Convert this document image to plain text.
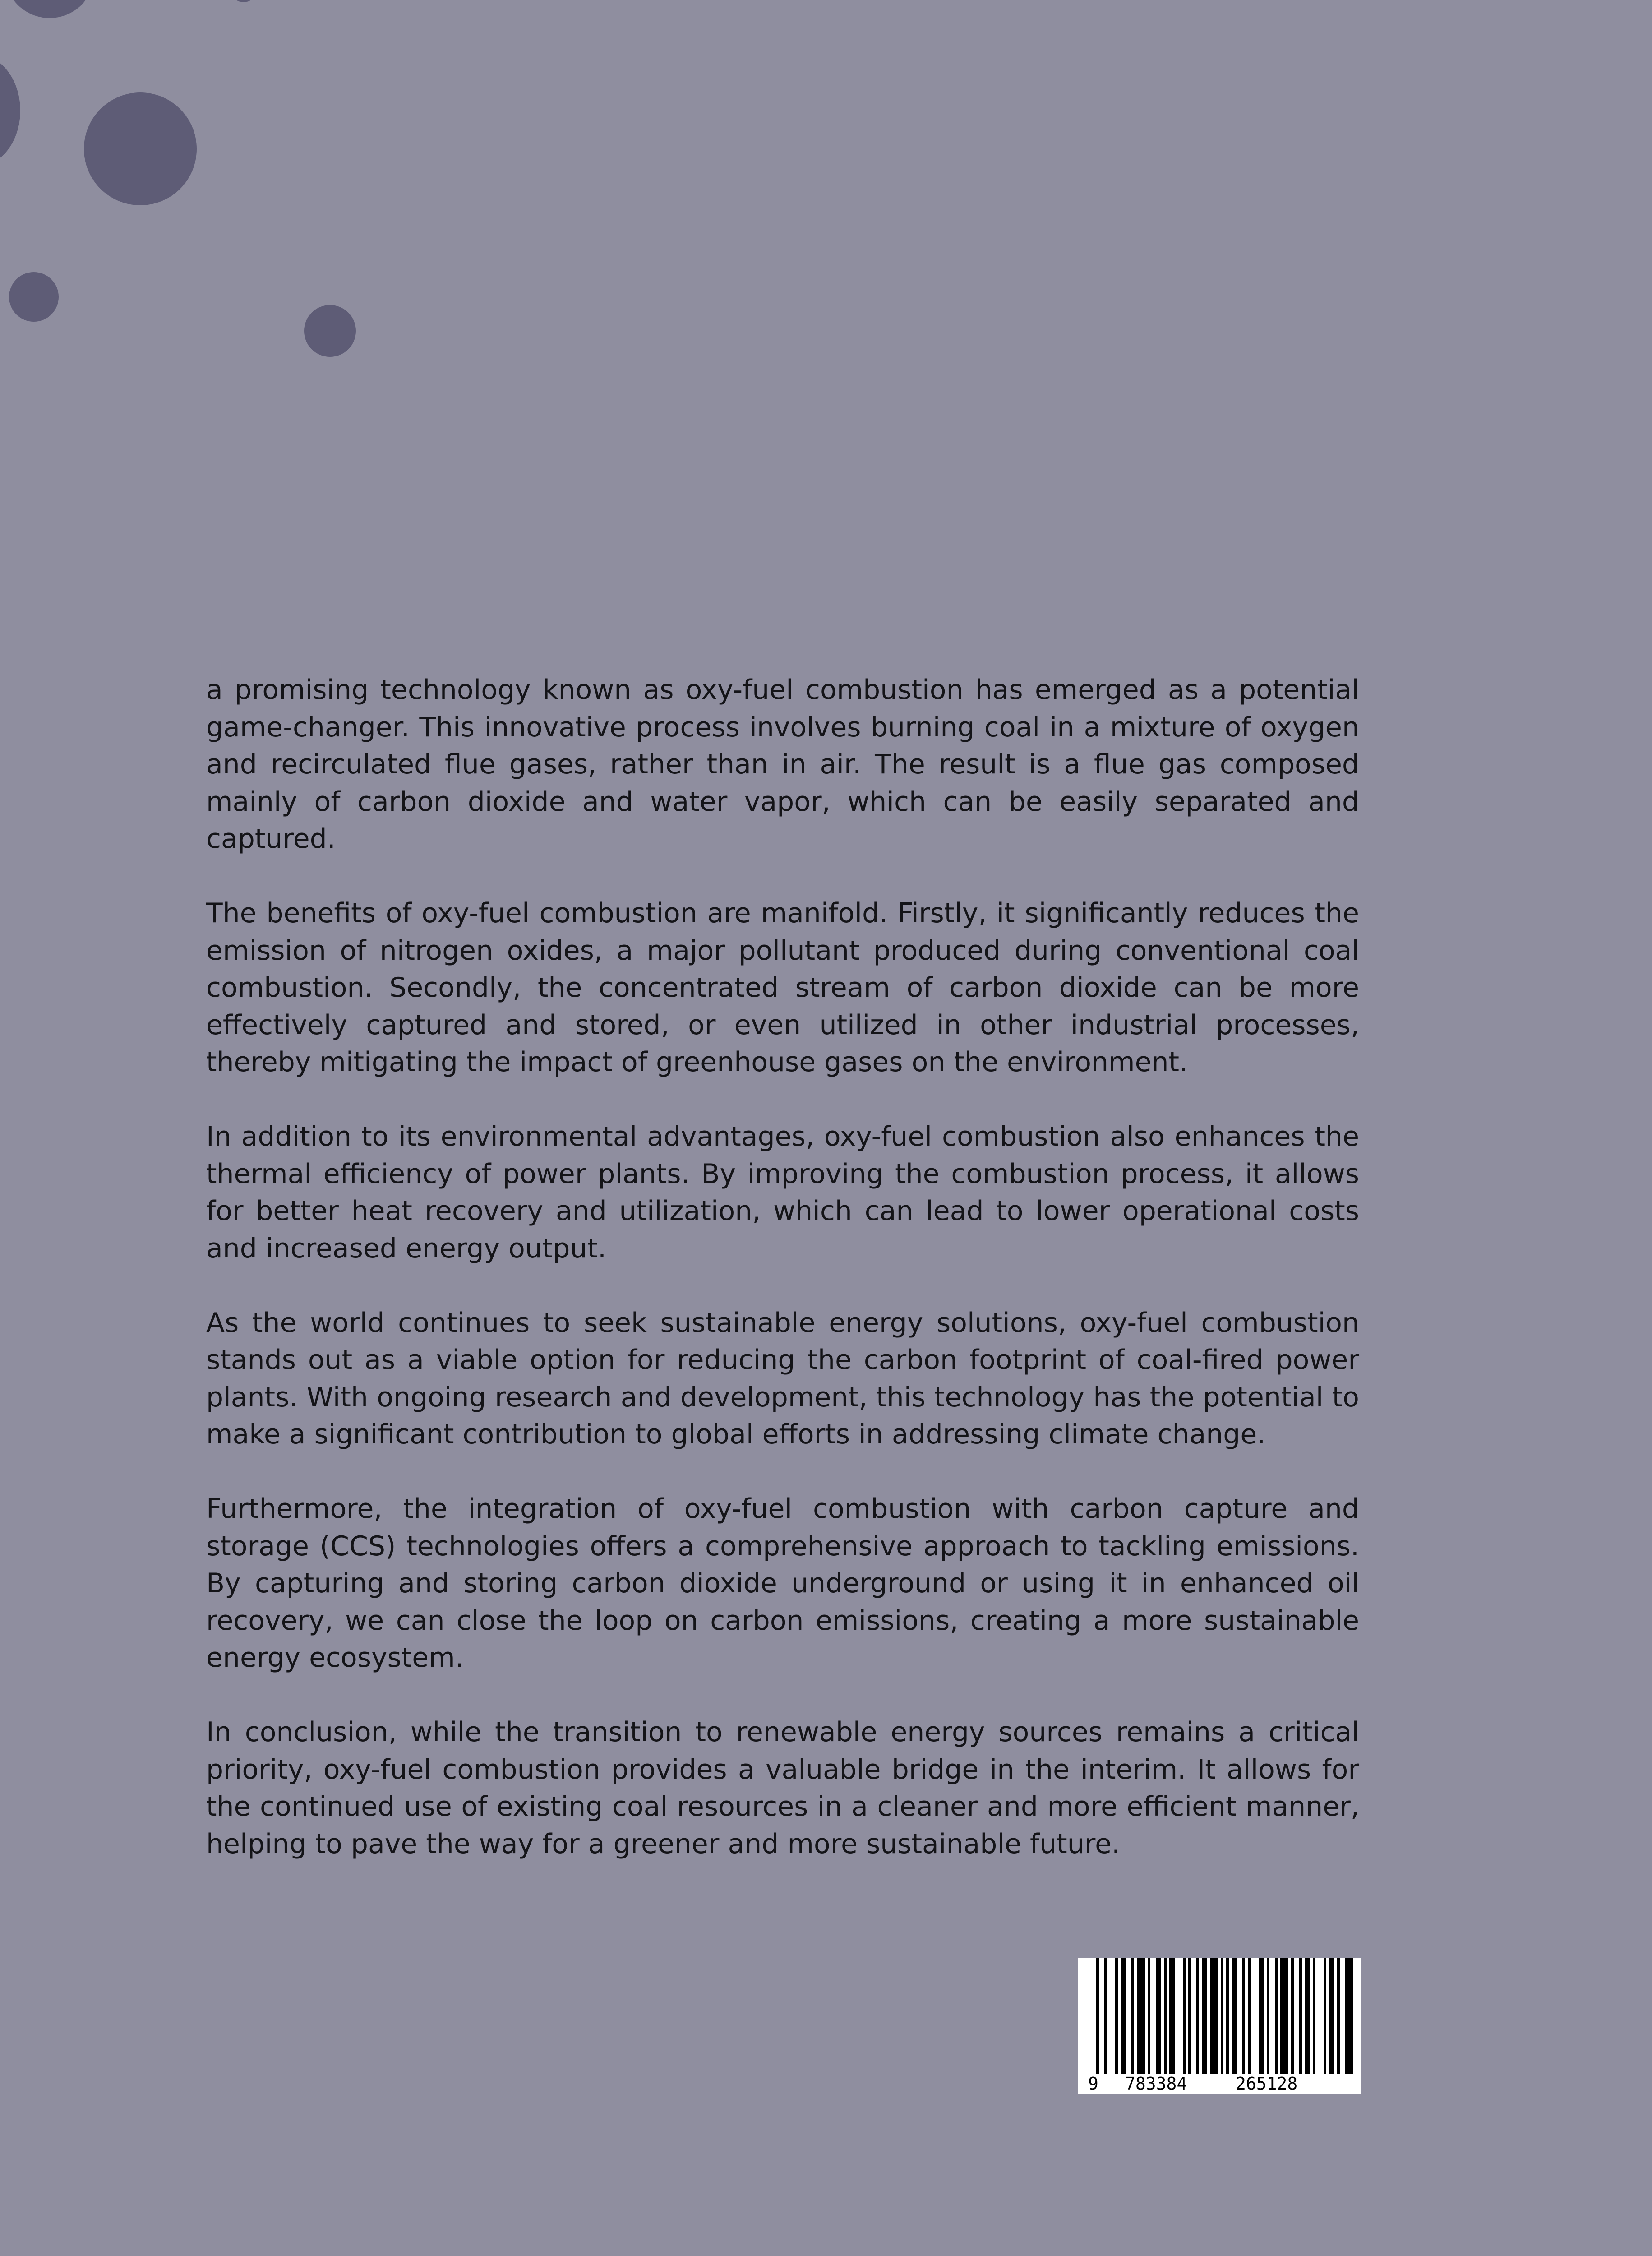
a promising technology known as oxy-fuel combustion has emerged as a potential game-changer. This innovative process involves burning coal in a mixture of oxygen and recirculated flue gases, rather than in air. The result is a flue gas composed mainly of carbon dioxide and water vapor, which can be easily separated and captured.

The benefits of oxy-fuel combustion are manifold. Firstly, it significantly reduces the emission of nitrogen oxides, a major pollutant produced during conventional coal combustion. Secondly, the concentrated stream of carbon dioxide can be more effectively captured and stored, or even utilized in other industrial processes, thereby mitigating the impact of greenhouse gases on the environment.

In addition to its environmental advantages, oxy-fuel combustion also enhances the thermal efficiency of power plants. By improving the combustion process, it allows for better heat recovery and utilization, which can lead to lower operational costs and increased energy output.

As the world continues to seek sustainable energy solutions, oxy-fuel combustion stands out as a viable option for reducing the carbon footprint of coal-fired power plants. With ongoing research and development, this technology has the potential to make a significant contribution to global efforts in addressing climate change.

Furthermore, the integration of oxy-fuel combustion with carbon capture and storage (CCS) technologies offers a comprehensive approach to tackling emissions. By capturing and storing carbon dioxide underground or using it in enhanced oil recovery, we can close the loop on carbon emissions, creating a more sustainable energy ecosystem.

In conclusion, while the transition to renewable energy sources remains a critical priority, oxy-fuel combustion provides a valuable bridge in the interim. It allows for the continued use of existing coal resources in a cleaner and more efficient manner, helping to pave the way for a greener and more sustainable future.

9 783384	265128
